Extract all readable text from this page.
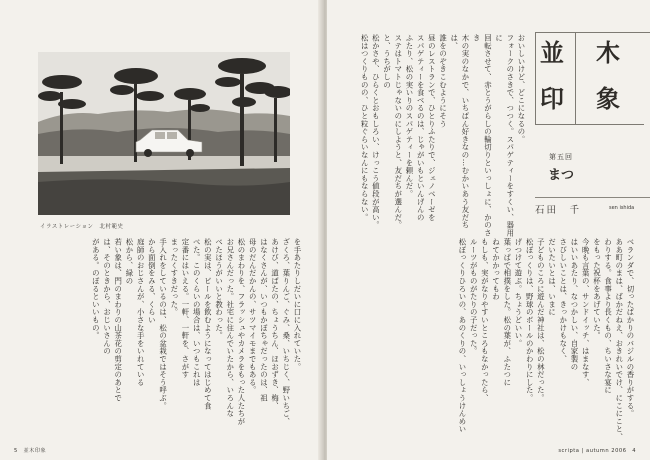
イラストレーション　北村範史
を手あたりしだいに口に入れていた。
ざくろ、葉りんご、ぐみ、桑、いちじく、野いちご、
あけび、道ばたの、ちょうちん、ほおずき、梅、
はなくさんが、いつもかぼちゃだったのは、祖
母のだんだかんの、サツマイモまでもある。
松のまわりを、フラッシュやカメラをもった人たちが
お兄さんだった。社宅に住んでいたから、いろんな
べたほうがいいと教わった。
松の実は、ビールを飲むようになってはじめて食
べた。このくらいの場合は、いつもこれは
定番にはいえる。一軒、一軒を、さがす
まったくすきだった。
手入れをしているのは、松の盆栽ではそう呼ぶ。
から面倒をみる、くらい
庭師のおじさんが、小さな手をいれている
松から、緑の
若い象は、門のまわりの山茶花の剪定のあとで
は、そのときから、おじいさんの
がある。のぼるといいもの。
5　並木印象
おいしいけど、どこになるの。
フォークのさきで、つつく。スパゲティーをすくい、器用に
回転させて、赤とうがらしの輪切りといっしょに、かのさき
木の実のなかで、いちばん好きなの…むかいあう友だちは、
誰をのぞきこむようにそう
昼のレストランで、ひとりふたりで、ジェノベーゼを
スパゲティーを食べるのは、じゃがいもといんげんの
ふたり、松の実いりのスパゲティーを頼んだ。
ステはトマトじゃないのにしようと、友だちが選んだ。
と、うちがしの
松かさや、ひらくとおもしろい、けっこう値段が高い。
松はつくりものの、ひと粒ぐらいなんにもならない。
ベランダで、切ったばかりのバジルの香りがする。
ああ町のまは、ばかだねえ、おきれいでけ、にこにこと、
わりする。食事より長くもの、ちいさな宴に
をもった祝杯をあげていた。
今晩も言葉の、サンドイッチ、はまなす、
はいいあたり、なつかしい、自家製の
さびしいことは、きっかけもなく、
だいたいとは、いまに
子どものころに遊んだ神社は、松の林だった。
松ぼっくりは、野球のボールのかわりにした。
げつけて遊ぶ。ちょうどいい。
葉っぱで相撲をした。松の葉が、ふたつに
ねてかかってもわ
もしも、実がなりやすいところもなかったら、
ルーツがものがたりの子だった。
松ぼっくりひろいの、あのくりの、いっしょうけんめい
scripta | autumn 2006　4
並 木
印 象
第五回
まつ
石田　千	sen ishida
